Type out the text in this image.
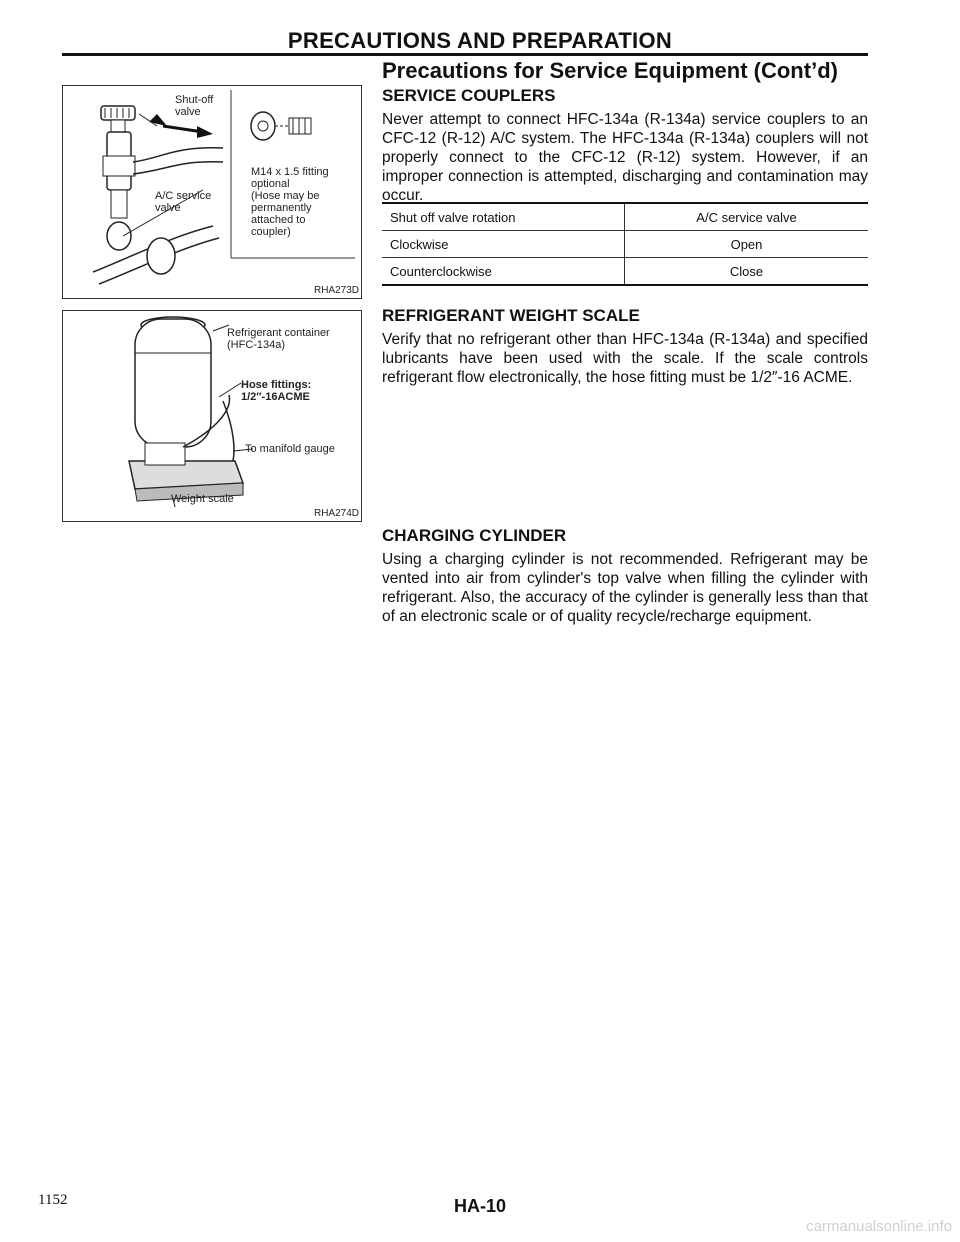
PRECAUTIONS AND PREPARATION
Precautions for Service Equipment (Cont’d)
Shut-off
valve
A/C service
valve
M14 x 1.5 fitting
optional
(Hose may be
permanently
attached to
coupler)
RHA273D
Refrigerant container
(HFC-134a)
Hose fittings:
1/2″-16ACME
To manifold gauge
Weight scale
RHA274D
SERVICE COUPLERS

Never attempt to connect HFC-134a (R-134a) service couplers to an CFC-12 (R-12) A/C system. The HFC-134a (R-134a) couplers will not properly connect to the CFC-12 (R-12) system. However, if an improper connection is attempted, discharging and contamination may occur.

Shut off valve rotation	A/C service valve
Clockwise	Open
Counterclockwise	Close
REFRIGERANT WEIGHT SCALE

Verify that no refrigerant other than HFC-134a (R-134a) and specified lubricants have been used with the scale. If the scale controls refrigerant flow electronically, the hose fitting must be 1/2″-16 ACME.

CHARGING CYLINDER

Using a charging cylinder is not recommended. Refrigerant may be vented into air from cylinder's top valve when filling the cylinder with refrigerant. Also, the accuracy of the cylinder is generally less than that of an electronic scale or of quality recycle/recharge equipment.

1152	HA-10
carmanualsonline.info
